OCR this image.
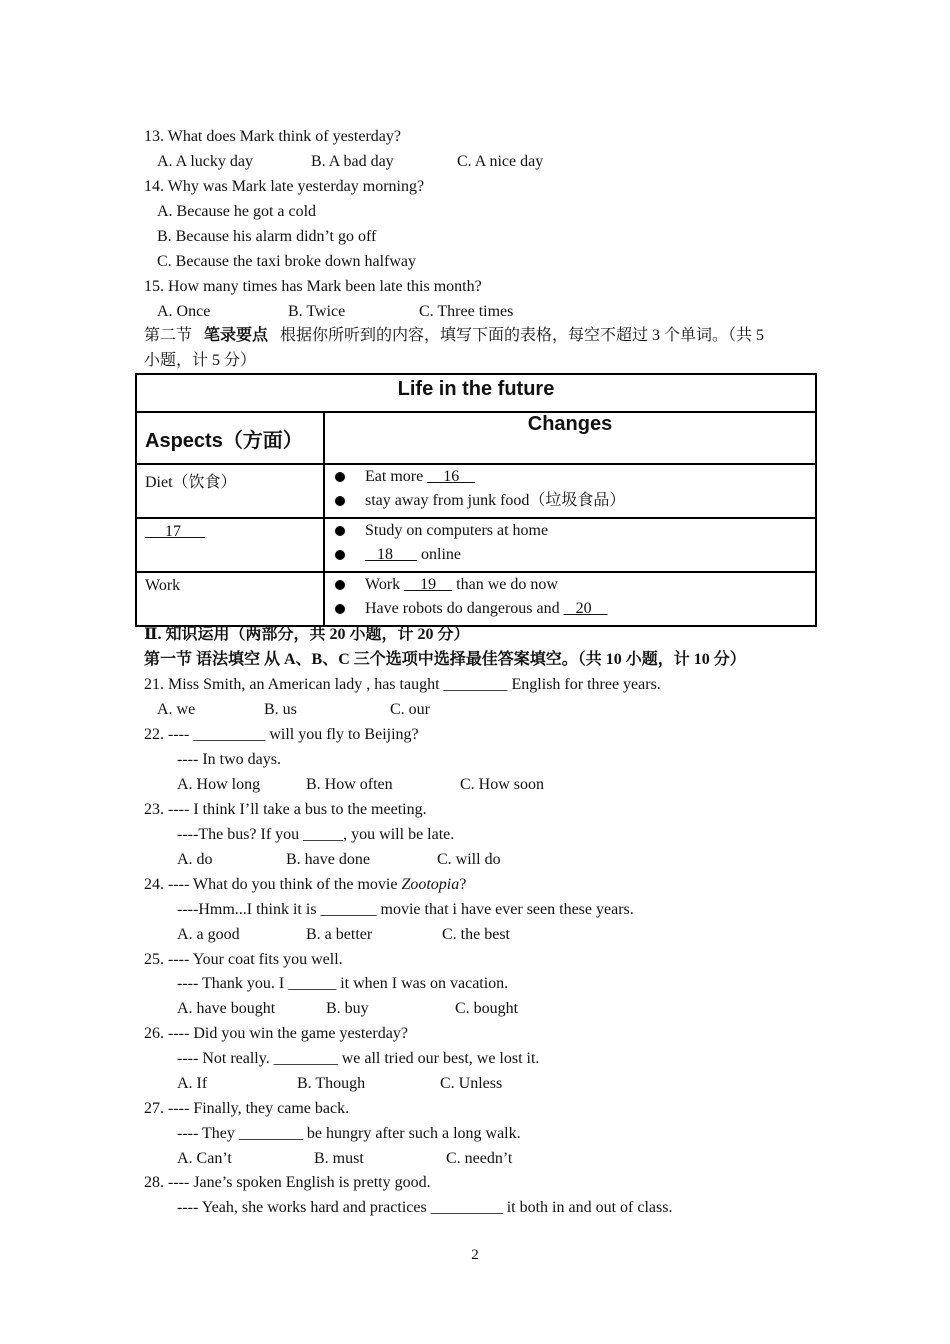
13. What does Mark think of yesterday?
A. A lucky day	B. A bad day	C. A nice day
14. Why was Mark late yesterday morning?
A. Because he got a cold
B. Because his alarm didn’t go off
C. Because the taxi broke down halfway
15. How many times has Mark been late this month?
A. Once	B. Twice	C. Three times
第二节 笔录要点 根据你所听到的内容，填写下面的表格，每空不超过 3 个单词。（共 5
小题，计 5 分）
Life in the future	
Aspects（方面）	Changes
Diet（饮食）	Eat more     16
stay away from junk food（垃圾食品）

17	Study on computers at home
18       online

Work	Work     19     than we do now
Have robots do dangerous and    20
Ⅱ. 知识运用（两部分，共 20 小题，计 20 分）
第一节 语法填空 从 A、B、C 三个选项中选择最佳答案填空。（共 10 小题，计 10 分）
21. Miss Smith, an American lady , has taught ________ English for three years.
A. we	B. us	C. our
22. ---- _________ will you fly to Beijing?
---- In two days.
A. How long	B. How often	C. How soon
23. ---- I think I’ll take a bus to the meeting.
----The bus? If you _____, you will be late.
A. do	B. have done	C. will do
24. ---- What do you think of the movie Zootopia?
----Hmm...I think it is _______ movie that i have ever seen these years.
A. a good	B. a better	C. the best
25. ---- Your coat fits you well.
---- Thank you. I ______ it when I was on vacation.
A. have bought	B. buy	C. bought
26. ---- Did you win the game yesterday?
---- Not really. ________ we all tried our best, we lost it.
A. If	B. Though	C. Unless
27. ---- Finally, they came back.
---- They ________ be hungry after such a long walk.
A. Can’t	B. must	C. needn’t
28. ---- Jane’s spoken English is pretty good.
---- Yeah, she works hard and practices _________ it both in and out of class.
2
